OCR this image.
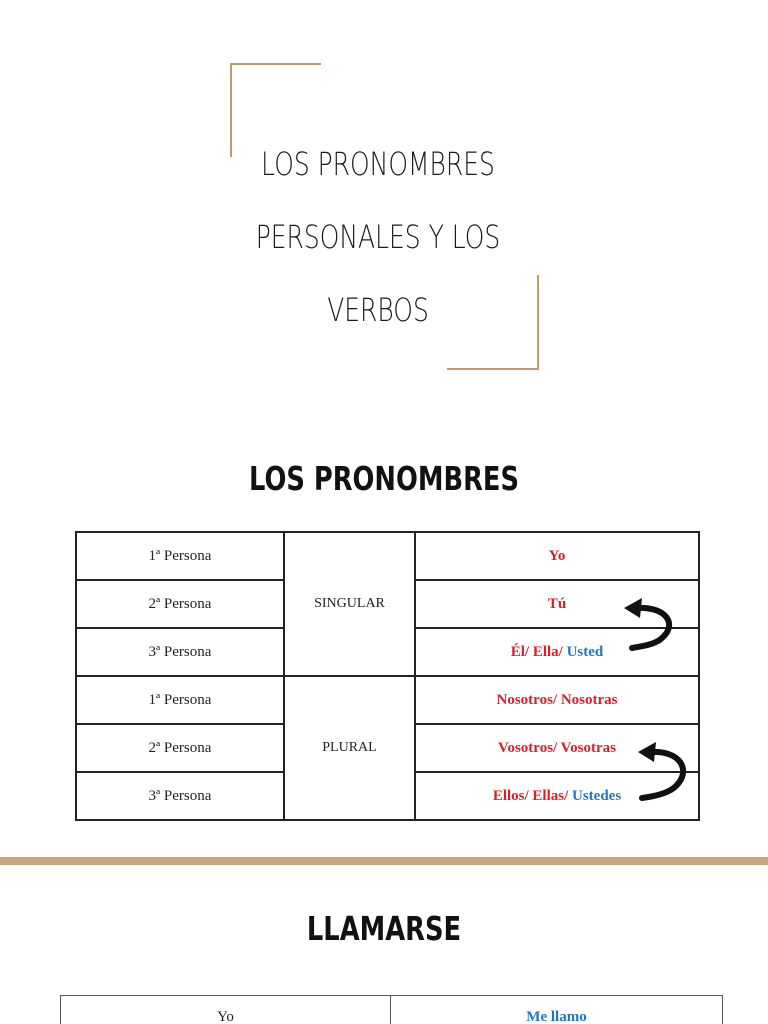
LOS PRONOMBRES
PERSONALES Y LOS
VERBOS
LOS PRONOMBRES
1ª Persona	SINGULAR	Yo
2ª Persona		Tú
3ª Persona		Él/ Ella/ Usted
1ª Persona	PLURAL	Nosotros/ Nosotras
2ª Persona		Vosotros/ Vosotras
3ª Persona		Ellos/ Ellas/ Ustedes
LLAMARSE
Yo	Me llamo
